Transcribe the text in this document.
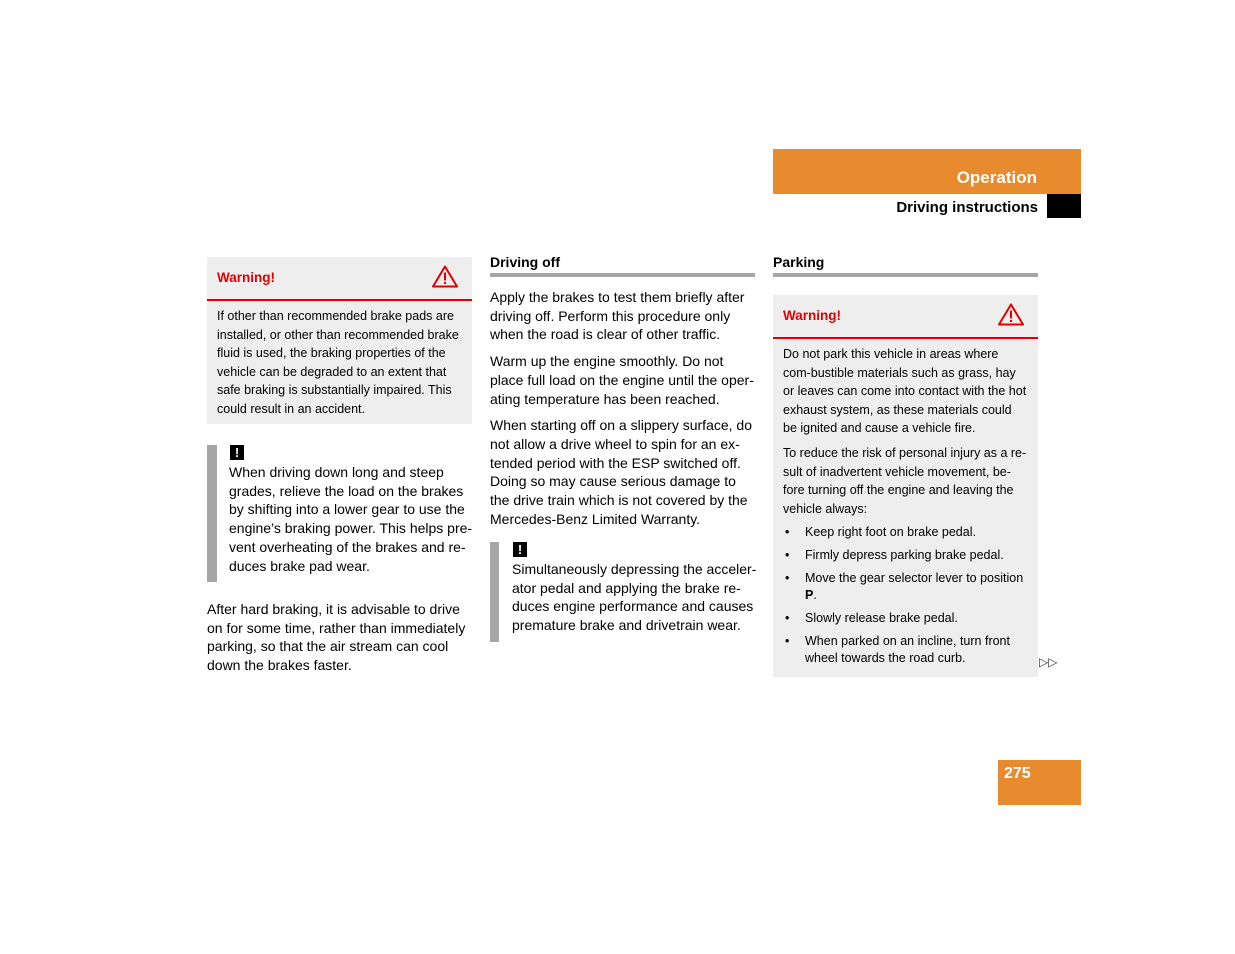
Operation
Driving instructions
Warning!

If other than recommended brake pads are installed, or other than recommended brake fluid is used, the braking properties of the vehicle can be degraded to an extent that safe braking is substantially impaired. This could result in an accident.

!
When driving down long and steep grades, relieve the load on the brakes by shifting into a lower gear to use the engine’s braking power. This helps pre-vent overheating of the brakes and re-duces brake pad wear.

After hard braking, it is advisable to drive on for some time, rather than immediately parking, so that the air stream can cool down the brakes faster.

Driving off

Apply the brakes to test them briefly after driving off. Perform this procedure only when the road is clear of other traffic.

Warm up the engine smoothly. Do not place full load on the engine until the oper-ating temperature has been reached.

When starting off on a slippery surface, do not allow a drive wheel to spin for an ex-tended period with the ESP switched off. Doing so may cause serious damage to the drive train which is not covered by the Mercedes-Benz Limited Warranty.

!
Simultaneously depressing the acceler-ator pedal and applying the brake re-duces engine performance and causes premature brake and drivetrain wear.
Parking
Warning!

Do not park this vehicle in areas where com-bustible materials such as grass, hay or leaves can come into contact with the hot exhaust system, as these materials could be ignited and cause a vehicle fire.

To reduce the risk of personal injury as a re-sult of inadvertent vehicle movement, be-fore turning off the engine and leaving the vehicle always:

• Keep right foot on brake pedal.
• Firmly depress parking brake pedal.
• Move the gear selector lever to position P.
• Slowly release brake pedal.
• When parked on an incline, turn front wheel towards the road curb.	▷▷
275
